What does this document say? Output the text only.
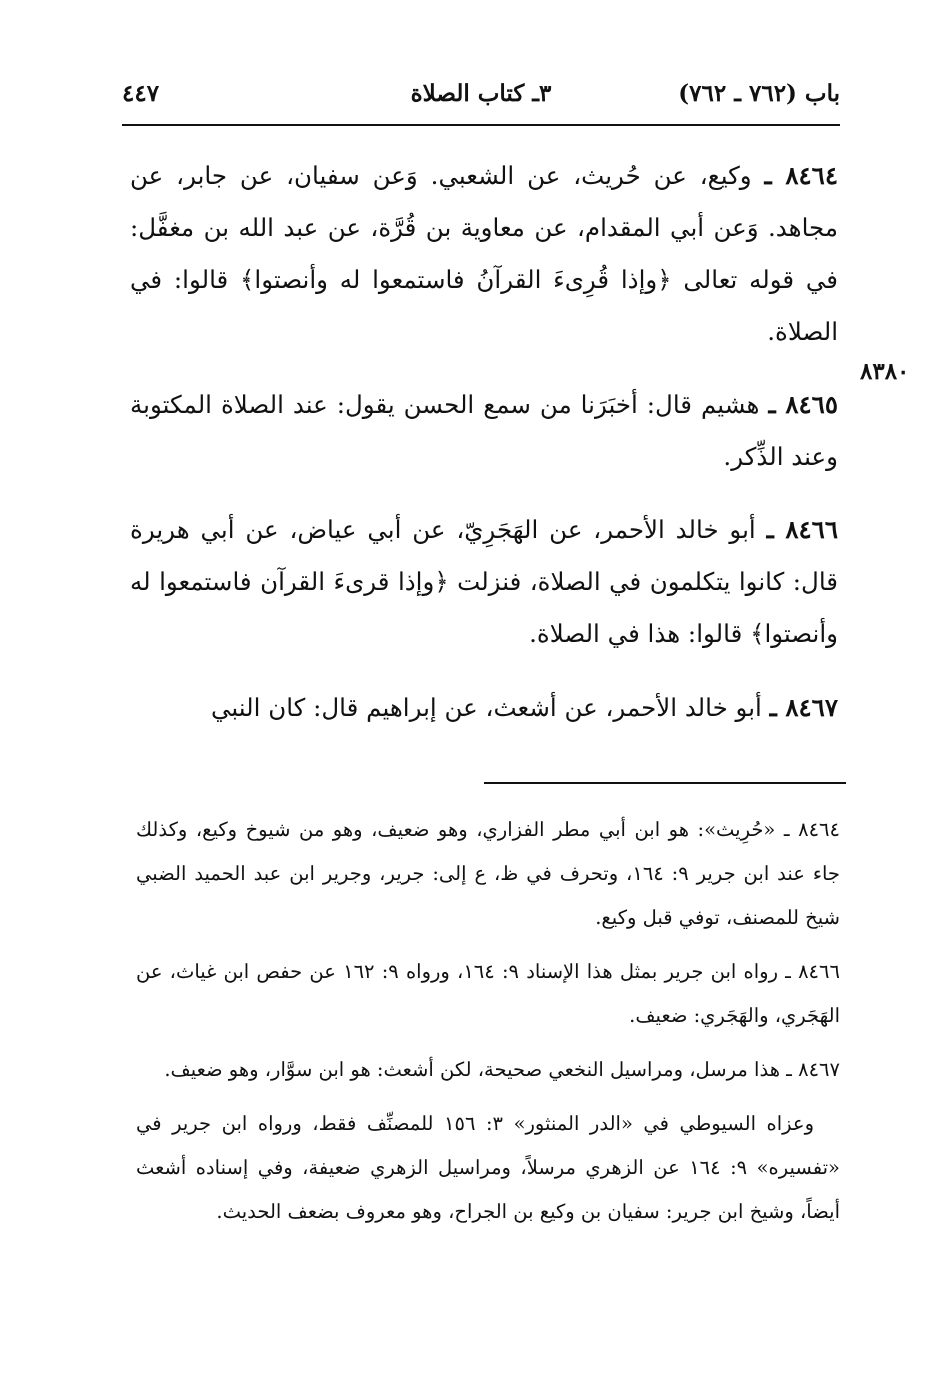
باب (٧٦٢ ـ ٧٦٢)
٣ـ كتاب الصلاة
٤٤٧
٨٣٨٠

٨٤٦٤ ـ وكيع، عن حُريث، عن الشعبي. وَعن سفيان، عن جابر، عن مجاهد. وَعن أبي المقدام، عن معاوية بن قُرَّة، عن عبد الله بن مغفَّل: في قوله تعالى ﴿وإذا قُرِىءَ القرآنُ فاستمعوا له وأنصتوا﴾ قالوا: في الصلاة.

٨٤٦٥ ـ هشيم قال: أخبَرَنا من سمع الحسن يقول: عند الصلاة المكتوبة وعند الذِّكر.

٨٤٦٦ ـ أبو خالد الأحمر، عن الهَجَرِيّ، عن أبي عياض، عن أبي هريرة قال: كانوا يتكلمون في الصلاة، فنزلت ﴿وإذا قرىءَ القرآن فاستمعوا له وأنصتوا﴾ قالوا: هذا في الصلاة.

٨٤٦٧ ـ أبو خالد الأحمر، عن أشعث، عن إبراهيم قال: كان النبي

٨٤٦٤ ـ «حُرِيث»: هو ابن أبي مطر الفزاري، وهو ضعيف، وهو من شيوخ وكيع، وكذلك جاء عند ابن جرير ٩: ١٦٤، وتحرف في ظ، ع إلى: جرير، وجرير ابن عبد الحميد الضبي شيخ للمصنف، توفي قبل وكيع.

٨٤٦٦ ـ رواه ابن جرير بمثل هذا الإسناد ٩: ١٦٤، ورواه ٩: ١٦٢ عن حفص ابن غياث، عن الهَجَري، والهَجَري: ضعيف.

٨٤٦٧ ـ هذا مرسل، ومراسيل النخعي صحيحة، لكن أشعث: هو ابن سوَّار، وهو ضعيف.

وعزاه السيوطي في «الدر المنثور» ٣: ١٥٦ للمصنِّف فقط، ورواه ابن جرير في «تفسيره» ٩: ١٦٤ عن الزهري مرسلاً، ومراسيل الزهري ضعيفة، وفي إسناده أشعث أيضاً، وشيخ ابن جرير: سفيان بن وكيع بن الجراح، وهو معروف بضعف الحديث.
